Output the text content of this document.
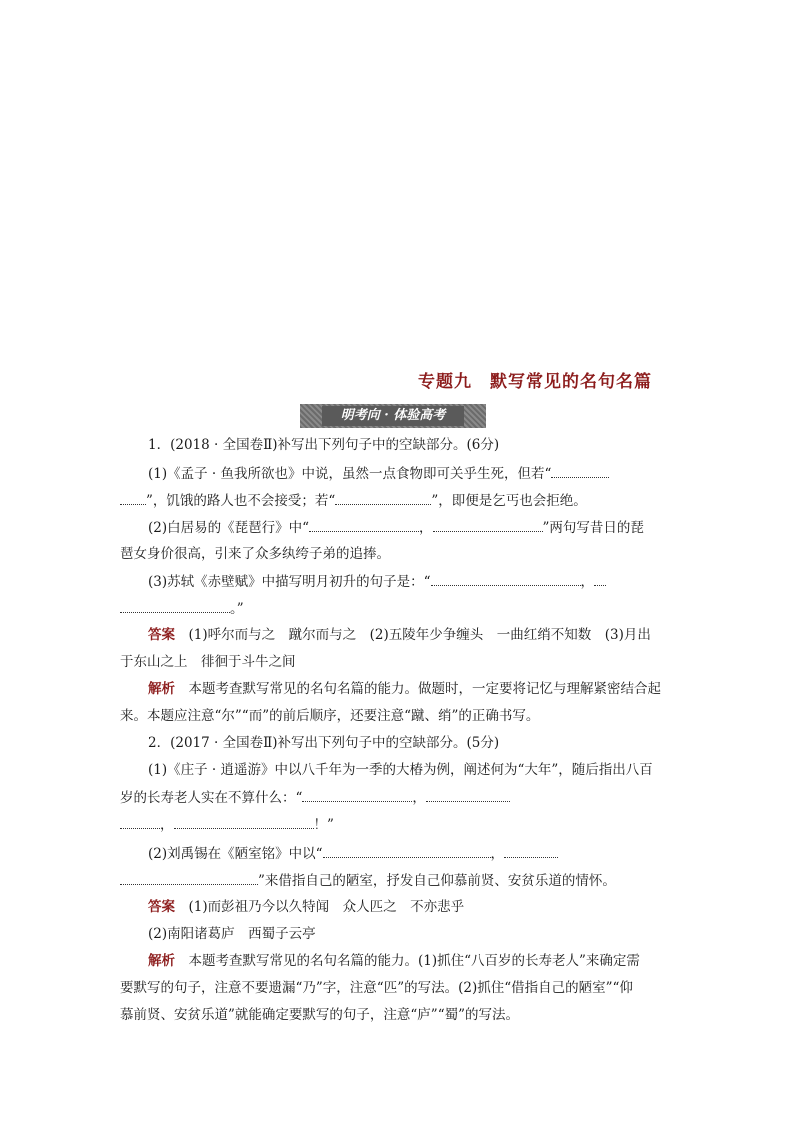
专题九　默写常见的名句名篇
明考向 · 体验高考
1．(2018 · 全国卷Ⅱ)补写出下列句子中的空缺部分。(6分)
(1)《孟子 · 鱼我所欲也》中说，虽然一点食物即可关乎生死，但若“
”，饥饿的路人也不会接受；若“	”，即便是乞丐也会拒绝。
(2)白居易的《琵琶行》中“	，	”两句写昔日的琵
琶女身价很高，引来了众多纨绔子弟的追捧。
(3)苏轼《赤壁赋》中描写明月初升的句子是：“	，
。”
答案　 (1)呼尔而与之　蹴尔而与之　(2)五陵年少争缠头　一曲红绡不知数　(3)月出
于东山之上　徘徊于斗牛之间
解析　 本题考查默写常见的名句名篇的能力。做题时，一定要将记忆与理解紧密结合起
来。本题应注意“尔”“而”的前后顺序，还要注意“蹴、绡”的正确书写。
2．(2017 · 全国卷Ⅱ)补写出下列句子中的空缺部分。(5分)
(1)《庄子 · 逍遥游》中以八千年为一季的大椿为例，阐述何为“大年”，随后指出八百
岁的长寿老人实在不算什么：“	，
，	！”
(2)刘禹锡在《陋室铭》中以“	，
”来借指自己的陋室，抒发自己仰慕前贤、安贫乐道的情怀。
答案　 (1)而彭祖乃今以久特闻　众人匹之　不亦悲乎
(2)南阳诸葛庐　西蜀子云亭
解析　 本题考查默写常见的名句名篇的能力。(1)抓住“八百岁的长寿老人”来确定需
要默写的句子，注意不要遗漏“乃”字，注意“匹”的写法。(2)抓住“借指自己的陋室”“仰
慕前贤、安贫乐道”就能确定要默写的句子，注意“庐”“蜀”的写法。
